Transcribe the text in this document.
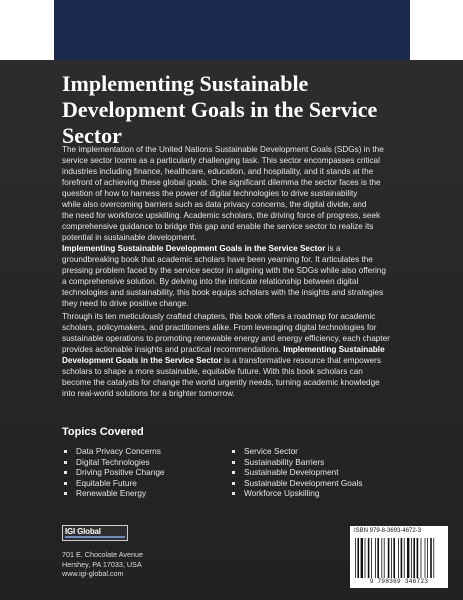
Implementing Sustainable
Development Goals in the Service
Sector
The implementation of the United Nations Sustainable Development Goals (SDGs) in the
service sector looms as a particularly challenging task. This sector encompasses critical
industries including finance, healthcare, education, and hospitality, and it stands at the
forefront of achieving these global goals. One significant dilemma the sector faces is the
question of how to harness the power of digital technologies to drive sustainability
while also overcoming barriers such as data privacy concerns, the digital divide, and
the need for workforce upskilling. Academic scholars, the driving force of progress, seek
comprehensive guidance to bridge this gap and enable the service sector to realize its
potential in sustainable development.
Implementing Sustainable Development Goals in the Service Sector is a
groundbreaking book that academic scholars have been yearning for. It articulates the
pressing problem faced by the service sector in aligning with the SDGs while also offering
a comprehensive solution. By delving into the intricate relationship between digital
technologies and sustainability, this book equips scholars with the insights and strategies
they need to drive positive change.
Through its ten meticulously crafted chapters, this book offers a roadmap for academic
scholars, policymakers, and practitioners alike. From leveraging digital technologies for
sustainable operations to promoting renewable energy and energy efficiency, each chapter
provides actionable insights and practical recommendations. Implementing Sustainable
Development Goals in the Service Sector is a transformative resource that empowers
scholars to shape a more sustainable, equitable future. With this book scholars can
become the catalysts for change the world urgently needs, turning academic knowledge
into real-world solutions for a brighter tomorrow.
Topics Covered
Data Privacy Concerns
Digital Technologies
Driving Positive Change
Equitable Future
Renewable Energy
Service Sector
Sustainability Barriers
Sustainable Development
Sustainable Development Goals
Workforce Upskilling
IGI Global
701 E. Chocolate Avenue
Hershey, PA 17033, USA
www.igi-global.com
ISBN 979-8-3693-4672-3
9 798369 346723
